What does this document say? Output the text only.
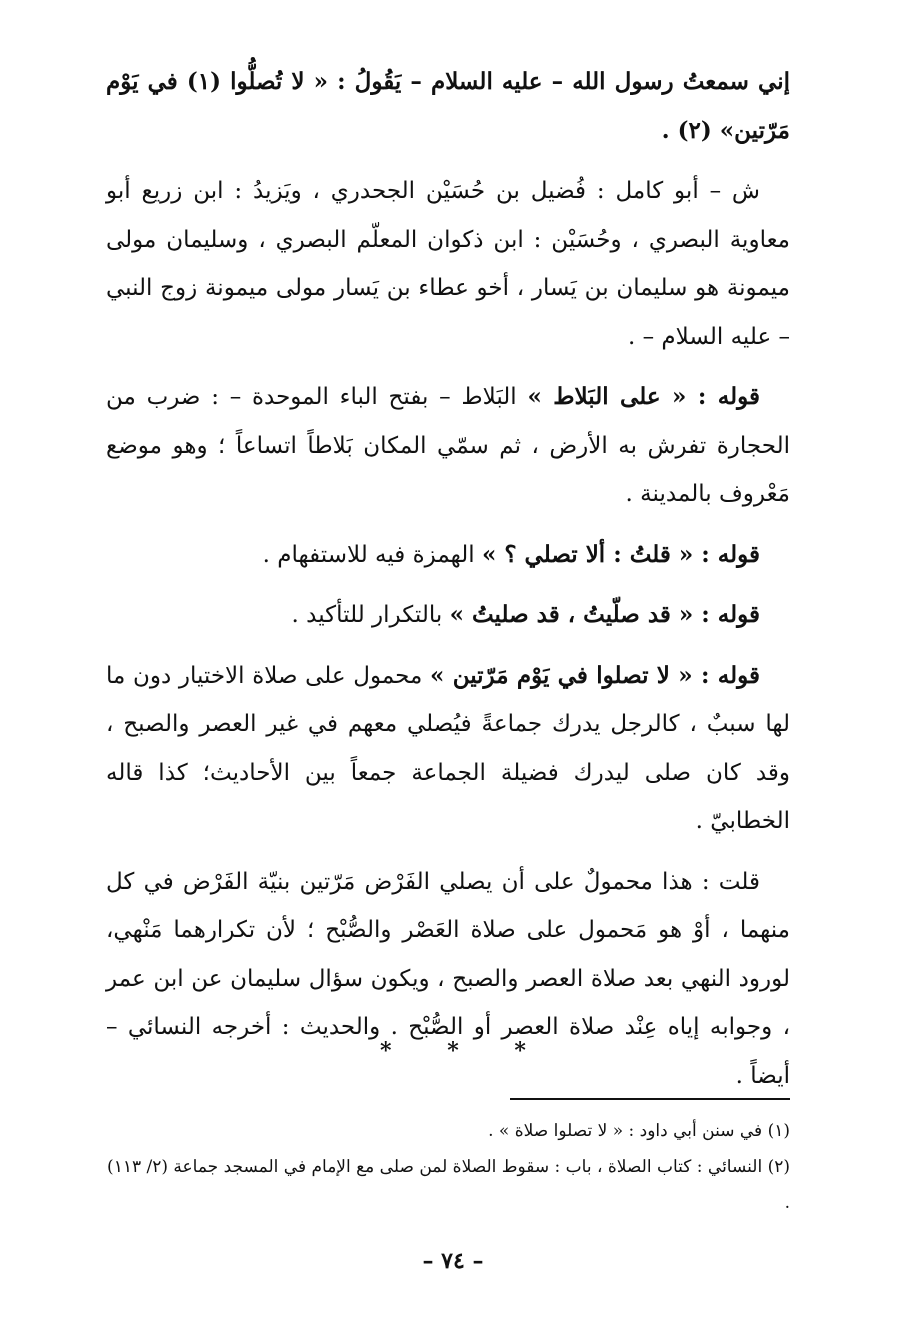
إني سمعتُ رسول الله – عليه السلام – يَقُولُ : « لا تُصلُّوا (١) في يَوْم مَرّتين» (٢) .

ش – أبو كامل : فُضيل بن حُسَيْن الجحدري ، ويَزيدُ : ابن زريع أبو معاوية البصري ، وحُسَيْن : ابن ذكوان المعلّم البصري ، وسليمان مولى ميمونة هو سليمان بن يَسار ، أخو عطاء بن يَسار مولى ميمونة زوج النبي – عليه السلام – .

قوله : « على البَلاط » البَلاط – بفتح الباء الموحدة – : ضرب من الحجارة تفرش به الأرض ، ثم سمّي المكان بَلاطاً اتساعاً ؛ وهو موضع مَعْروف بالمدينة .

قوله : « قلتُ : ألا تصلي ؟ » الهمزة فيه للاستفهام .

قوله : « قد صلّيتُ ، قد صليتُ » بالتكرار للتأكيد .

قوله : « لا تصلوا في يَوْم مَرّتين » محمول على صلاة الاختيار دون ما لها سببٌ ، كالرجل يدرك جماعةً فيُصلي معهم في غير العصر والصبح ، وقد كان صلى ليدرك فضيلة الجماعة جمعاً بين الأحاديث؛ كذا قاله الخطابيّ .

قلت : هذا محمولٌ على أن يصلي الفَرْض مَرّتين بنيّة الفَرْض في كل منهما ، أوْ هو مَحمول على صلاة العَصْر والصُّبْح ؛ لأن تكرارهما مَنْهي، لورود النهي بعد صلاة العصر والصبح ، ويكون سؤال سليمان عن ابن عمر ، وجوابه إياه عِنْد صلاة العصر أو الصُّبْح . والحديث : أخرجه النسائي – أيضاً .

*	*	*

(١) في سنن أبي داود : « لا تصلوا صلاة » .

(٢) النسائي : كتاب الصلاة ، باب : سقوط الصلاة لمن صلى مع الإمام في المسجد جماعة (٢/ ١١٣) .

– ٧٤ –
